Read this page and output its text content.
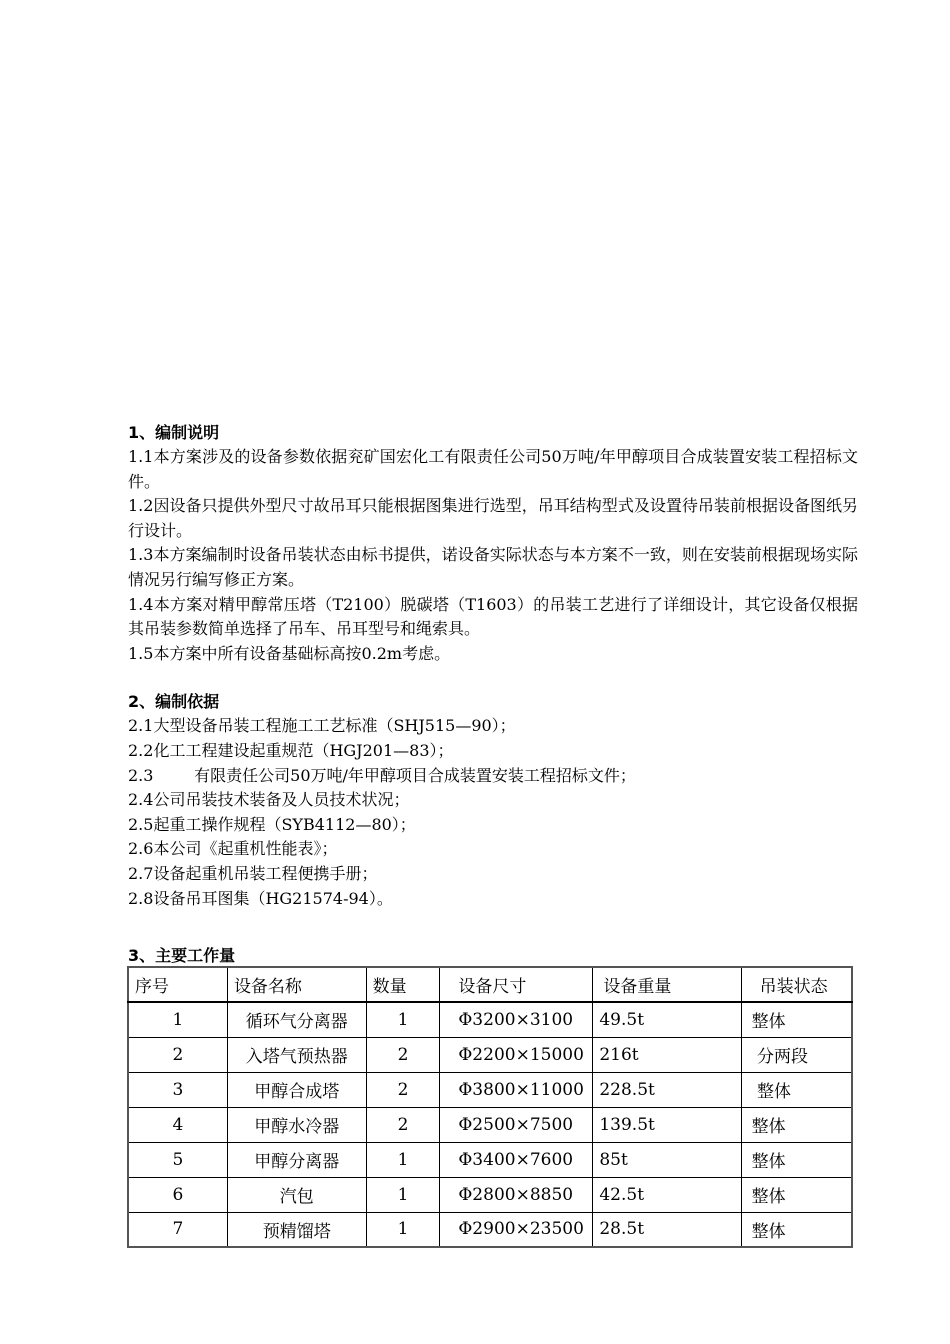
1、编制说明
1.1本方案涉及的设备参数依据兖矿国宏化工有限责任公司50万吨/年甲醇项目合成装置安装工程招标文件。
1.2因设备只提供外型尺寸故吊耳只能根据图集进行选型，吊耳结构型式及设置待吊装前根据设备图纸另行设计。
1.3本方案编制时设备吊装状态由标书提供，诺设备实际状态与本方案不一致，则在安装前根据现场实际情况另行编写修正方案。
1.4本方案对精甲醇常压塔（T2100）脱碳塔（T1603）的吊装工艺进行了详细设计，其它设备仅根据其吊装参数简单选择了吊车、吊耳型号和绳索具。
1.5本方案中所有设备基础标高按0.2m考虑。
2、编制依据
2.1大型设备吊装工程施工工艺标准（SHJ515—90）；
2.2化工工程建设起重规范（HGJ201—83）；
2.3        有限责任公司50万吨/年甲醇项目合成装置安装工程招标文件；
2.4公司吊装技术装备及人员技术状况；
2.5起重工操作规程（SYB4112—80）；
2.6本公司《起重机性能表》；
2.7设备起重机吊装工程便携手册；
2.8设备吊耳图集（HG21574-94）。
3、主要工作量
序号	设备名称	数量	设备尺寸	设备重量	吊装状态
1	循环气分离器	1	Φ3200×3100	49.5t	整体
2	入塔气预热器	2	Φ2200×15000	216t	分两段
3	甲醇合成塔	2	Φ3800×11000	228.5t	整体
4	甲醇水冷器	2	Φ2500×7500	139.5t	整体
5	甲醇分离器	1	Φ3400×7600	85t	整体
6	汽包	1	Φ2800×8850	42.5t	整体
7	预精馏塔	1	Φ2900×23500	28.5t	整体
